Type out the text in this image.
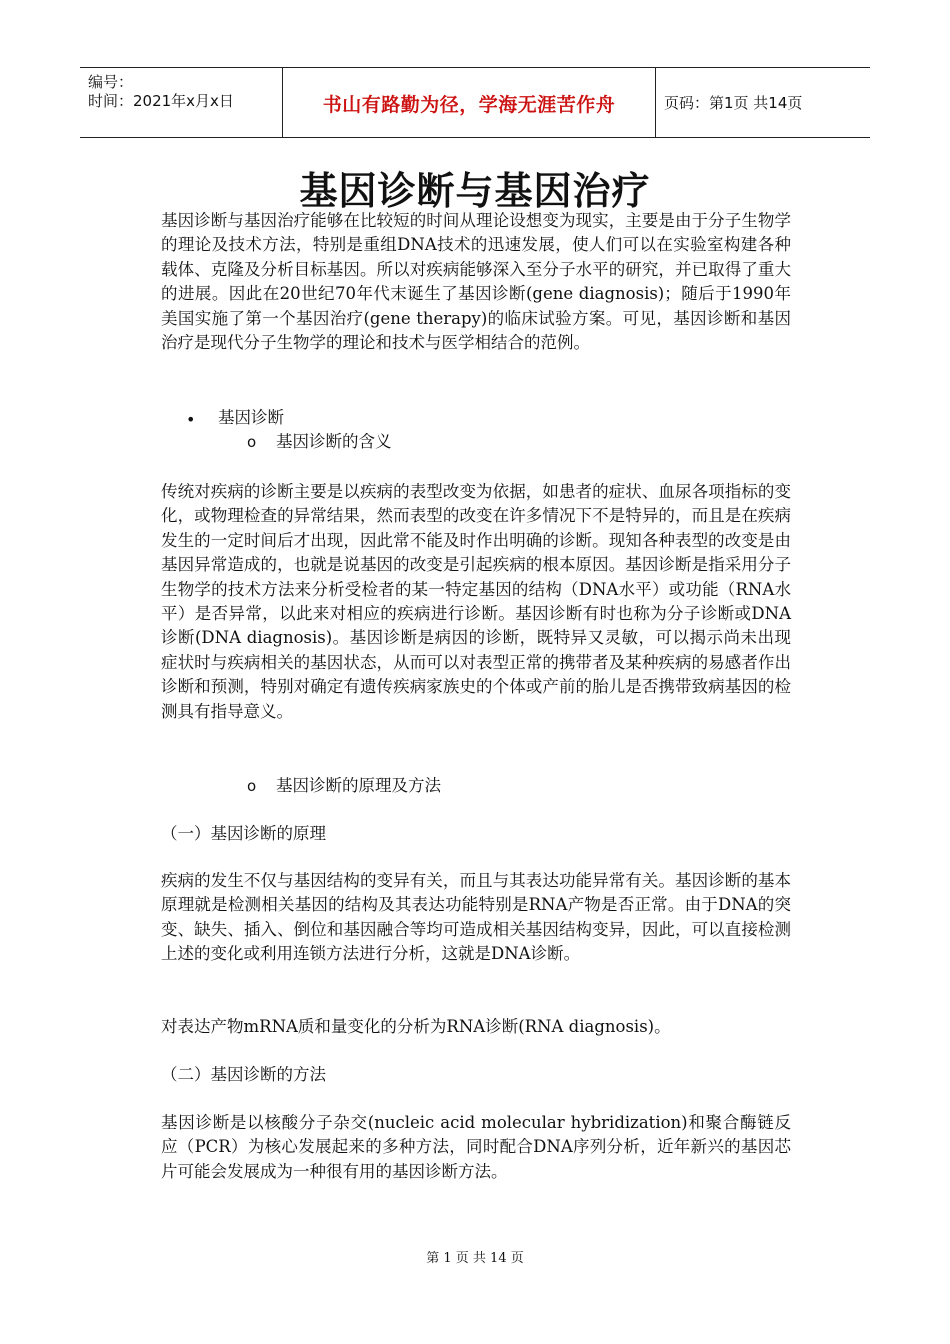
编号：
时间：2021年x月x日	书山有路勤为径，学海无涯苦作舟	页码：第1页 共14页
基因诊断与基因治疗

基因诊断与基因治疗能够在比较短的时间从理论设想变为现实，主要是由于分子生物学的理论及技术方法，特别是重组DNA技术的迅速发展，使人们可以在实验室构建各种载体、克隆及分析目标基因。所以对疾病能够深入至分子水平的研究，并已取得了重大的进展。因此在20世纪70年代末诞生了基因诊断(gene diagnosis)；随后于1990年美国实施了第一个基因治疗(gene therapy)的临床试验方案。可见，基因诊断和基因治疗是现代分子生物学的理论和技术与医学相结合的范例。

• 基因诊断

o 基因诊断的含义

传统对疾病的诊断主要是以疾病的表型改变为依据，如患者的症状、血尿各项指标的变化，或物理检查的异常结果，然而表型的改变在许多情况下不是特异的，而且是在疾病发生的一定时间后才出现，因此常不能及时作出明确的诊断。现知各种表型的改变是由基因异常造成的，也就是说基因的改变是引起疾病的根本原因。基因诊断是指采用分子生物学的技术方法来分析受检者的某一特定基因的结构（DNA水平）或功能（RNA水平）是否异常，以此来对相应的疾病进行诊断。基因诊断有时也称为分子诊断或DNA诊断(DNA diagnosis)。基因诊断是病因的诊断，既特异又灵敏，可以揭示尚未出现症状时与疾病相关的基因状态，从而可以对表型正常的携带者及某种疾病的易感者作出诊断和预测，特别对确定有遗传疾病家族史的个体或产前的胎儿是否携带致病基因的检测具有指导意义。

o 基因诊断的原理及方法

（一）基因诊断的原理

疾病的发生不仅与基因结构的变异有关，而且与其表达功能异常有关。基因诊断的基本原理就是检测相关基因的结构及其表达功能特别是RNA产物是否正常。由于DNA的突变、缺失、插入、倒位和基因融合等均可造成相关基因结构变异，因此，可以直接检测上述的变化或利用连锁方法进行分析，这就是DNA诊断。

对表达产物mRNA质和量变化的分析为RNA诊断(RNA diagnosis)。

（二）基因诊断的方法

基因诊断是以核酸分子杂交(nucleic acid molecular hybridization)和聚合酶链反应（PCR）为核心发展起来的多种方法，同时配合DNA序列分析，近年新兴的基因芯片可能会发展成为一种很有用的基因诊断方法。

第 1 页 共 14 页
